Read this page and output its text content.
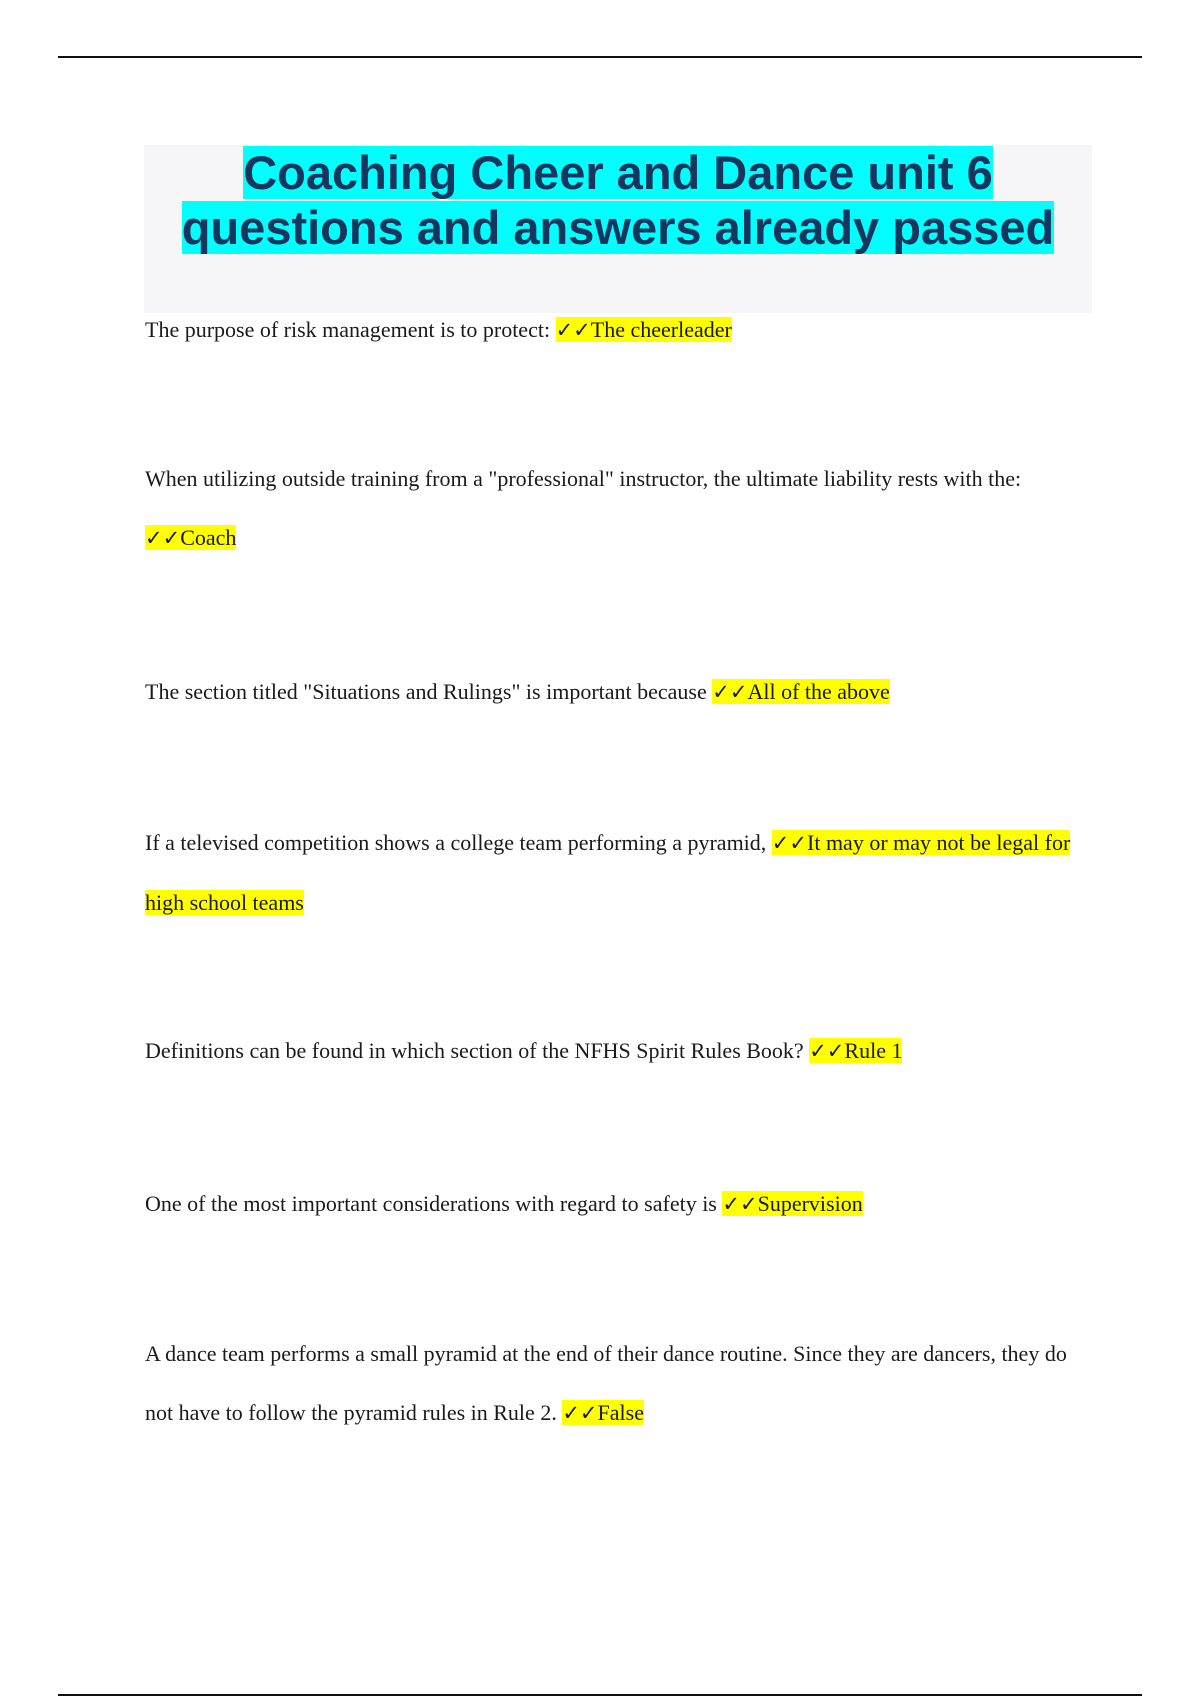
Coaching Cheer and Dance unit 6
questions and answers already passed

The purpose of risk management is to protect: ✓✓The cheerleader

When utilizing outside training from a "professional" instructor, the ultimate liability rests with the: ✓✓Coach

The section titled "Situations and Rulings" is important because ✓✓All of the above

If a televised competition shows a college team performing a pyramid, ✓✓It may or may not be legal for high school teams

Definitions can be found in which section of the NFHS Spirit Rules Book? ✓✓Rule 1

One of the most important considerations with regard to safety is ✓✓Supervision

A dance team performs a small pyramid at the end of their dance routine. Since they are dancers, they do not have to follow the pyramid rules in Rule 2. ✓✓False
